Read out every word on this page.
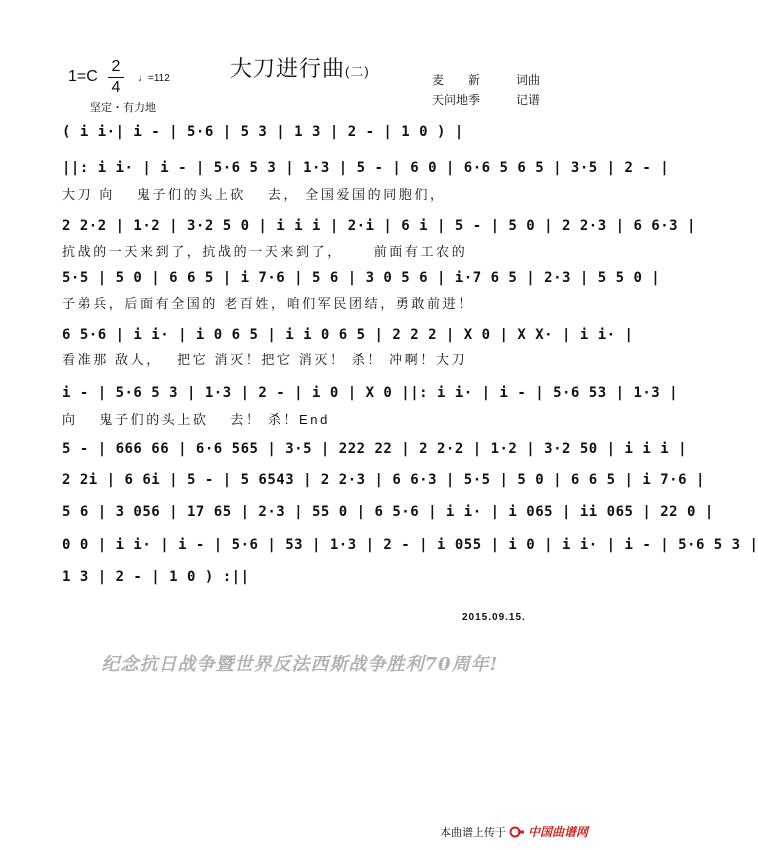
大刀进行曲(二)
1=C
2
4
♩=112
坚定・有力地
麦　　新	词曲
天问地季	记谱
( i i·| i - | 5·6 | 5 3 | 1 3 | 2 - | 1 0 ) |
||: i i· | i - | 5·6 5 3 | 1·3 | 5 - | 6 0 | 6·6 5 6 5 | 3·5 | 2 - |
大刀 向　 鬼子们的头上砍　 去， 全国爱国的同胞们，
2 2·2 | 1·2 | 3·2 5 0 | i i i | 2·i | 6 i | 5 - | 5 0 | 2 2·3 | 6 6·3 |
抗战的一天来到了，抗战的一天来到了，　　 前面有工农的
5·5 | 5 0 | 6 6 5 | i 7·6 | 5 6 | 3 0 5 6 | i·7 6 5 | 2·3 | 5 5 0 |
子弟兵，后面有全国的 老百姓，咱们军民团结，勇敢前进！
6 5·6 | i i· | i 0 6 5 | i i 0 6 5 | 2 2 2 | X 0 | X X· | i i· |
看准那 敌人，　 把它 消灭！把它 消灭！ 杀！ 冲啊！大刀
i - | 5·6 5 3 | 1·3 | 2 - | i 0 | X 0 ||: i i· | i - | 5·6 53 | 1·3 |
向　 鬼子们的头上砍　 去！ 杀！End
5 - | 666 66 | 6·6 565 | 3·5 | 222 22 | 2 2·2 | 1·2 | 3·2 50 | i i i |
2 2i | 6 6i | 5 - | 5 6543 | 2 2·3 | 6 6·3 | 5·5 | 5 0 | 6 6 5 | i 7·6 |
5 6 | 3 056 | 17 65 | 2·3 | 55 0 | 6 5·6 | i i· | i 065 | ii 065 | 22 0 |
0 0 | i i· | i - | 5·6 | 53 | 1·3 | 2 - | i 055 | i 0 | i i· | i - | 5·6 5 3 |
1 3 | 2 - | 1 0 ) :||
2015.09.15.
纪念抗日战争暨世界反法西斯战争胜利70周年!
本曲谱上传于 中国曲谱网
